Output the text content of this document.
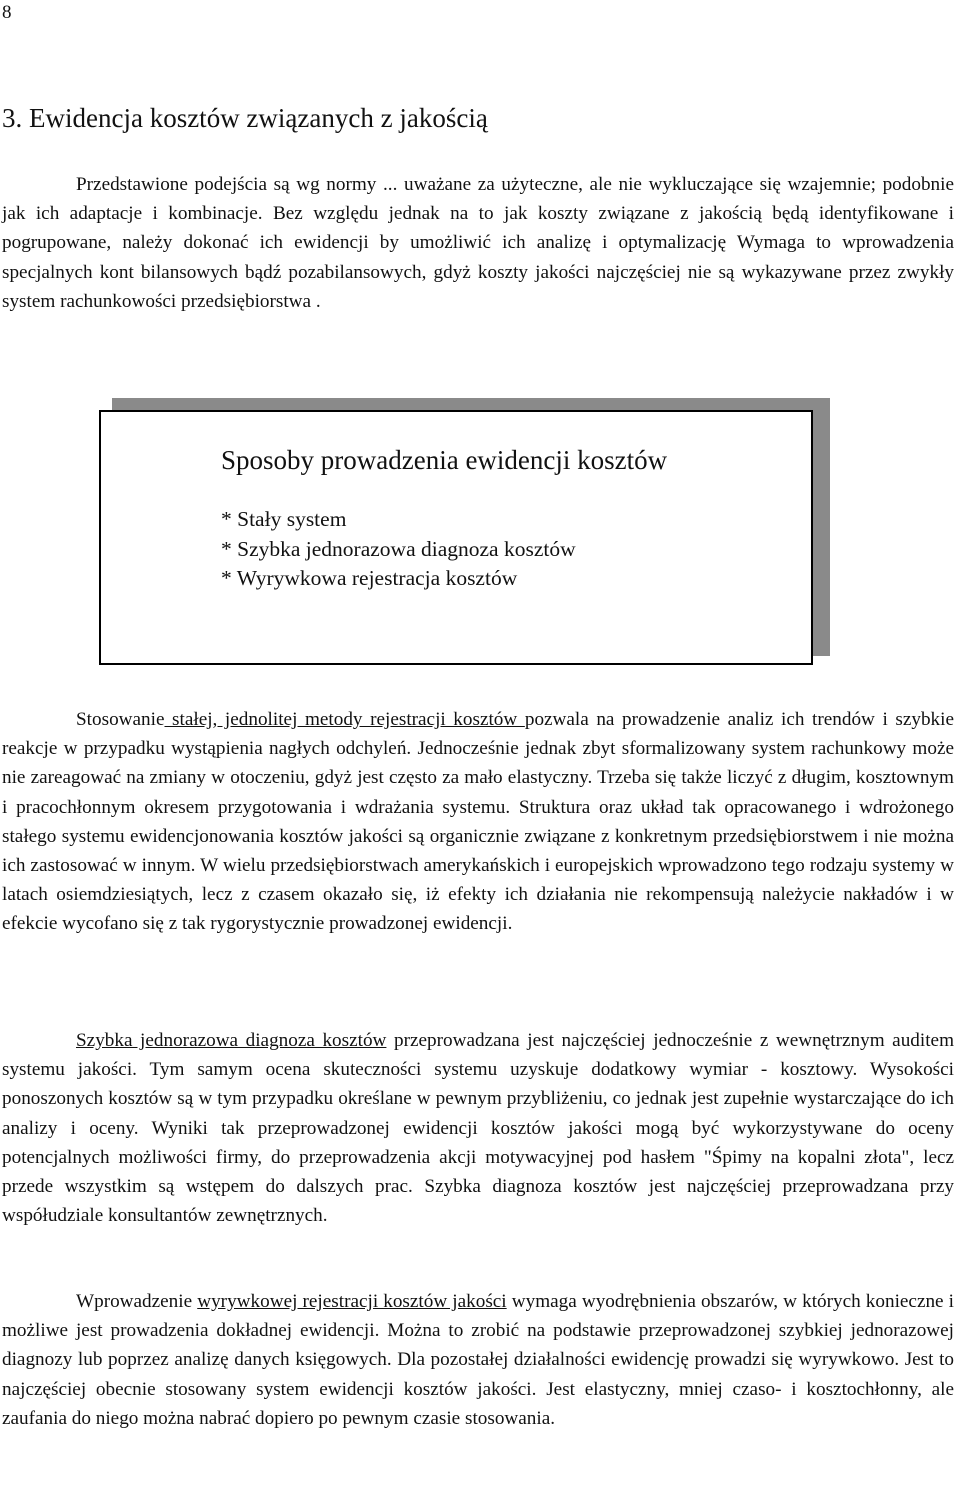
8
3. Ewidencja kosztów związanych z jakością

Przedstawione podejścia są wg normy ... uważane za użyteczne, ale nie wykluczające się wzajemnie; podobnie jak ich adaptacje i kombinacje. Bez względu jednak na to jak koszty związane z jakością będą identyfikowane i pogrupowane, należy dokonać ich ewidencji by umożliwić ich analizę i optymalizację Wymaga to wprowadzenia specjalnych kont bilansowych bądź pozabilansowych, gdyż koszty jakości najczęściej nie są wykazywane przez zwykły system rachunkowości przedsiębiorstwa .

Sposoby prowadzenia ewidencji kosztów
* Stały system
* Szybka jednorazowa diagnoza kosztów
* Wyrywkowa rejestracja kosztów

Stosowanie stałej, jednolitej metody rejestracji kosztów pozwala na prowadzenie analiz ich trendów i szybkie reakcje w przypadku wystąpienia nagłych odchyleń. Jednocześnie jednak zbyt sformalizowany system rachunkowy może nie zareagować na zmiany w otoczeniu, gdyż jest często za mało elastyczny. Trzeba się także liczyć z długim, kosztownym i pracochłonnym okresem przygotowania i wdrażania systemu. Struktura oraz układ tak opracowanego i wdrożonego stałego systemu ewidencjonowania kosztów jakości są organicznie związane z konkretnym przedsiębiorstwem i nie można ich zastosować w innym. W wielu przedsiębiorstwach amerykańskich i europejskich wprowadzono tego rodzaju systemy w latach osiemdziesiątych, lecz z czasem okazało się, iż efekty ich działania nie rekompensują należycie nakładów i w efekcie wycofano się z tak rygorystycznie prowadzonej ewidencji.

Szybka jednorazowa diagnoza kosztów przeprowadzana jest najczęściej jednocześnie z wewnętrznym auditem systemu jakości. Tym samym ocena skuteczności systemu uzyskuje dodatkowy wymiar - kosztowy. Wysokości ponoszonych kosztów są w tym przypadku określane w pewnym przybliżeniu, co jednak jest zupełnie wystarczające do ich analizy i oceny. Wyniki tak przeprowadzonej ewidencji kosztów jakości mogą być wykorzystywane do oceny potencjalnych możliwości firmy, do przeprowadzenia akcji motywacyjnej pod hasłem "Śpimy na kopalni złota", lecz przede wszystkim są wstępem do dalszych prac. Szybka diagnoza kosztów jest najczęściej przeprowadzana przy współudziale konsultantów zewnętrznych.

Wprowadzenie wyrywkowej rejestracji kosztów jakości wymaga wyodrębnienia obszarów, w których konieczne i możliwe jest prowadzenia dokładnej ewidencji. Można to zrobić na podstawie przeprowadzonej szybkiej jednorazowej diagnozy lub poprzez analizę danych księgowych. Dla pozostałej działalności ewidencję prowadzi się wyrywkowo. Jest to najczęściej obecnie stosowany system ewidencji kosztów jakości. Jest elastyczny, mniej czaso- i kosztochłonny, ale zaufania do niego można nabrać dopiero po pewnym czasie stosowania.
